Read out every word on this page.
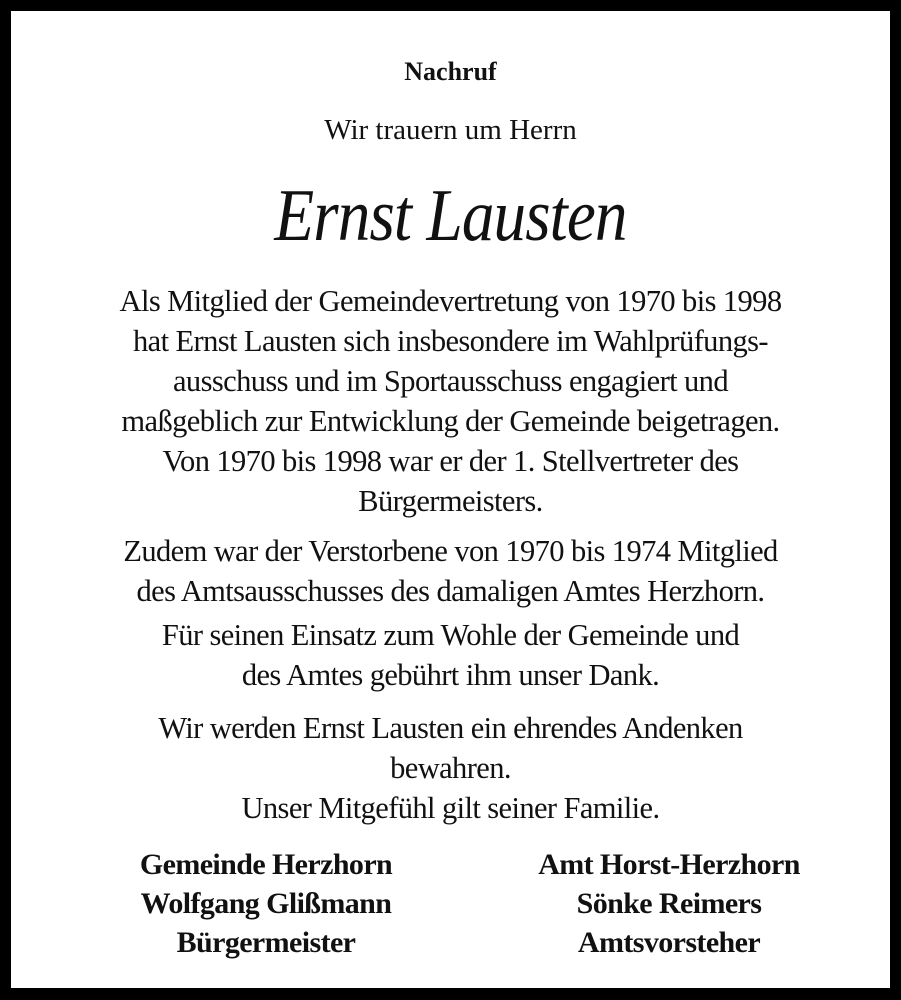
Nachruf
Wir trauern um Herrn
Ernst Lausten
Als Mitglied der Gemeindevertretung von 1970 bis 1998
hat Ernst Lausten sich insbesondere im Wahlprüfungs-
ausschuss und im Sportausschuss engagiert und
maßgeblich zur Entwicklung der Gemeinde beigetragen.
Von 1970 bis 1998 war er der 1. Stellvertreter des
Bürgermeisters.
Zudem war der Verstorbene von 1970 bis 1974 Mitglied
des Amtsausschusses des damaligen Amtes Herzhorn.
Für seinen Einsatz zum Wohle der Gemeinde und
des Amtes gebührt ihm unser Dank.
Wir werden Ernst Lausten ein ehrendes Andenken
bewahren.
Unser Mitgefühl gilt seiner Familie.
Gemeinde Herzhorn
Wolfgang Glißmann
Bürgermeister
Amt Horst-Herzhorn
Sönke Reimers
Amtsvorsteher
